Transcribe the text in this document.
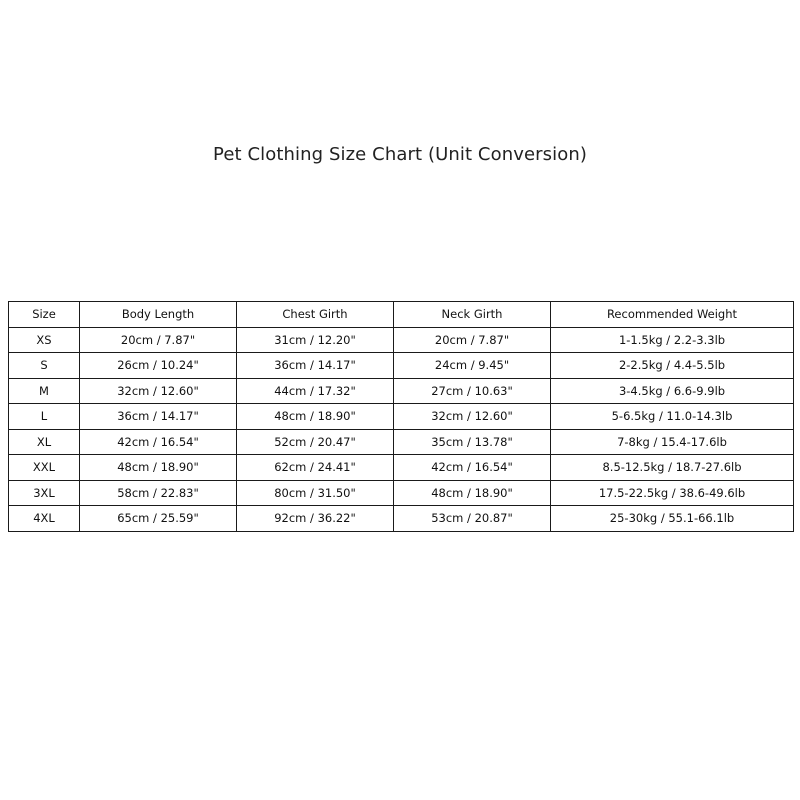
Pet Clothing Size Chart (Unit Conversion)
Size	Body Length	Chest Girth	Neck Girth	Recommended Weight
XS	20cm / 7.87"	31cm / 12.20"	20cm / 7.87"	1-1.5kg / 2.2-3.3lb
S	26cm / 10.24"	36cm / 14.17"	24cm / 9.45"	2-2.5kg / 4.4-5.5lb
M	32cm / 12.60"	44cm / 17.32"	27cm / 10.63"	3-4.5kg / 6.6-9.9lb
L	36cm / 14.17"	48cm / 18.90"	32cm / 12.60"	5-6.5kg / 11.0-14.3lb
XL	42cm / 16.54"	52cm / 20.47"	35cm / 13.78"	7-8kg / 15.4-17.6lb
XXL	48cm / 18.90"	62cm / 24.41"	42cm / 16.54"	8.5-12.5kg / 18.7-27.6lb
3XL	58cm / 22.83"	80cm / 31.50"	48cm / 18.90"	17.5-22.5kg / 38.6-49.6lb
4XL	65cm / 25.59"	92cm / 36.22"	53cm / 20.87"	25-30kg / 55.1-66.1lb
